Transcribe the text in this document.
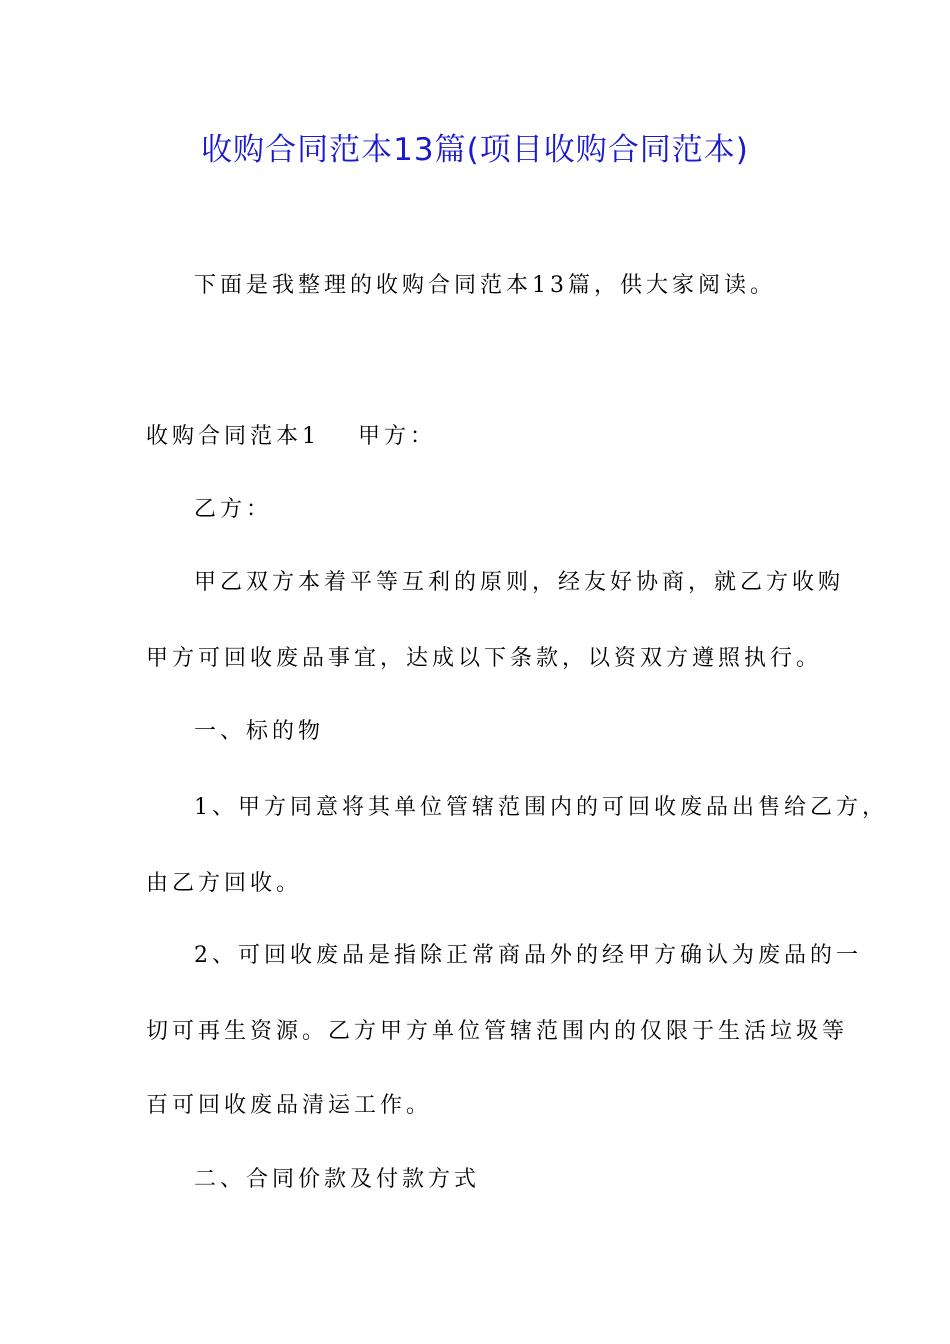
收购合同范本13篇(项目收购合同范本)

下面是我整理的收购合同范本13篇，供大家阅读。

收购合同范本1 甲方：

乙方：

甲乙双方本着平等互利的原则，经友好协商，就乙方收购

甲方可回收废品事宜，达成以下条款，以资双方遵照执行。

一、标的物

1、甲方同意将其单位管辖范围内的可回收废品出售给乙方，

由乙方回收。

2、可回收废品是指除正常商品外的经甲方确认为废品的一

切可再生资源。乙方甲方单位管辖范围内的仅限于生活垃圾等

百可回收废品清运工作。

二、合同价款及付款方式
